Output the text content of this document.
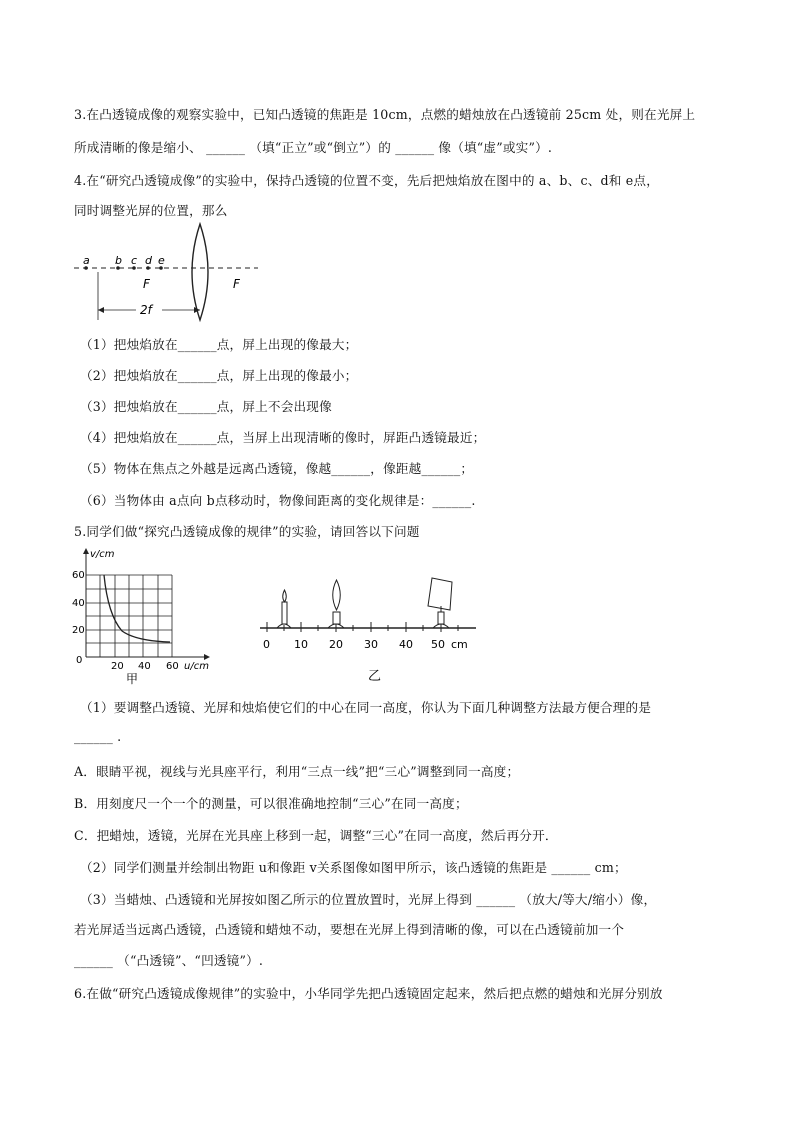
3.在凸透镜成像的观察实验中，已知凸透镜的焦距是 10cm，点燃的蜡烛放在凸透镜前 25cm 处，则在光屏上
所成清晰的像是缩小、 ______ （填“正立”或“倒立”）的 ______ 像（填“虚”或实”）.
4.在“研究凸透镜成像”的实验中，保持凸透镜的位置不变，先后把烛焰放在图中的 a、b、c、d和 e点，
同时调整光屏的位置，那么
a b c d e
F	F
2f
（1）把烛焰放在______点，屏上出现的像最大；
（2）把烛焰放在______点，屏上出现的像最小；
（3）把烛焰放在______点，屏上不会出现像
（4）把烛焰放在______点，当屏上出现清晰的像时，屏距凸透镜最近；
（5）物体在焦点之外越是远离凸透镜，像越______，像距越______；
（6）当物体由 a点向 b点移动时，物像间距离的变化规律是：______.
5.同学们做“探究凸透镜成像的规律”的实验，请回答以下问题
v/cm
60
40
20
0
20 40 60 u/cm
甲
0 10 20 30 40 50 cm
乙
（1）要调整凸透镜、光屏和烛焰使它们的中心在同一高度，你认为下面几种调整方法最方便合理的是
______ .
A．眼睛平视，视线与光具座平行，利用“三点一线”把“三心”调整到同一高度；
B．用刻度尺一个一个的测量，可以很准确地控制“三心”在同一高度；
C．把蜡烛，透镜，光屏在光具座上移到一起，调整“三心”在同一高度，然后再分开．
（2）同学们测量并绘制出物距 u和像距 v关系图像如图甲所示，该凸透镜的焦距是 ______ cm；
（3）当蜡烛、凸透镜和光屏按如图乙所示的位置放置时，光屏上得到 ______ （放大/等大/缩小）像，
若光屏适当远离凸透镜，凸透镜和蜡烛不动，要想在光屏上得到清晰的像，可以在凸透镜前加一个
______ （“凸透镜”、“凹透镜”）.
6.在做“研究凸透镜成像规律”的实验中，小华同学先把凸透镜固定起来，然后把点燃的蜡烛和光屏分别放
